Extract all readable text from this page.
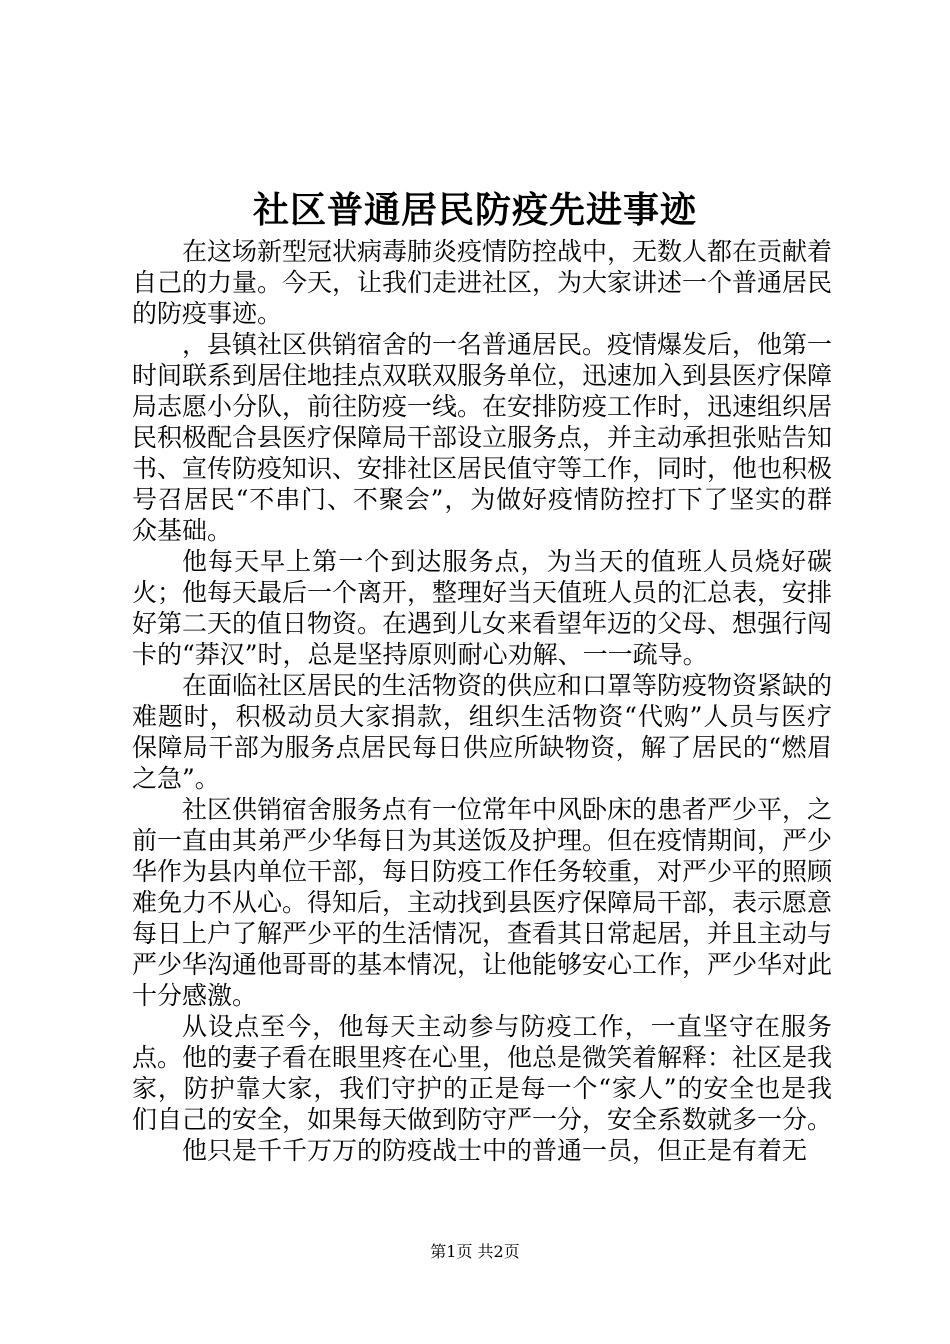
社区普通居民防疫先进事迹

在这场新型冠状病毒肺炎疫情防控战中，无数人都在贡献着自己的力量。今天，让我们走进社区，为大家讲述一个普通居民的防疫事迹。

，县镇社区供销宿舍的一名普通居民。疫情爆发后，他第一时间联系到居住地挂点双联双服务单位，迅速加入到县医疗保障局志愿小分队，前往防疫一线。在安排防疫工作时，迅速组织居民积极配合县医疗保障局干部设立服务点，并主动承担张贴告知书、宣传防疫知识、安排社区居民值守等工作，同时，他也积极号召居民“不串门、不聚会”，为做好疫情防控打下了坚实的群众基础。

他每天早上第一个到达服务点，为当天的值班人员烧好碳火；他每天最后一个离开，整理好当天值班人员的汇总表，安排好第二天的值日物资。在遇到儿女来看望年迈的父母、想强行闯卡的“莽汉”时，总是坚持原则耐心劝解、一一疏导。

在面临社区居民的生活物资的供应和口罩等防疫物资紧缺的难题时，积极动员大家捐款，组织生活物资“代购”人员与医疗保障局干部为服务点居民每日供应所缺物资，解了居民的“燃眉之急”。

社区供销宿舍服务点有一位常年中风卧床的患者严少平，之前一直由其弟严少华每日为其送饭及护理。但在疫情期间，严少华作为县内单位干部，每日防疫工作任务较重，对严少平的照顾难免力不从心。得知后，主动找到县医疗保障局干部，表示愿意每日上户了解严少平的生活情况，查看其日常起居，并且主动与严少华沟通他哥哥的基本情况，让他能够安心工作，严少华对此十分感激。

从设点至今，他每天主动参与防疫工作，一直坚守在服务点。他的妻子看在眼里疼在心里，他总是微笑着解释：社区是我家，防护靠大家，我们守护的正是每一个“家人”的安全也是我们自己的安全，如果每天做到防守严一分，安全系数就多一分。

他只是千千万万的防疫战士中的普通一员，但正是有着无

第1页 共2页
